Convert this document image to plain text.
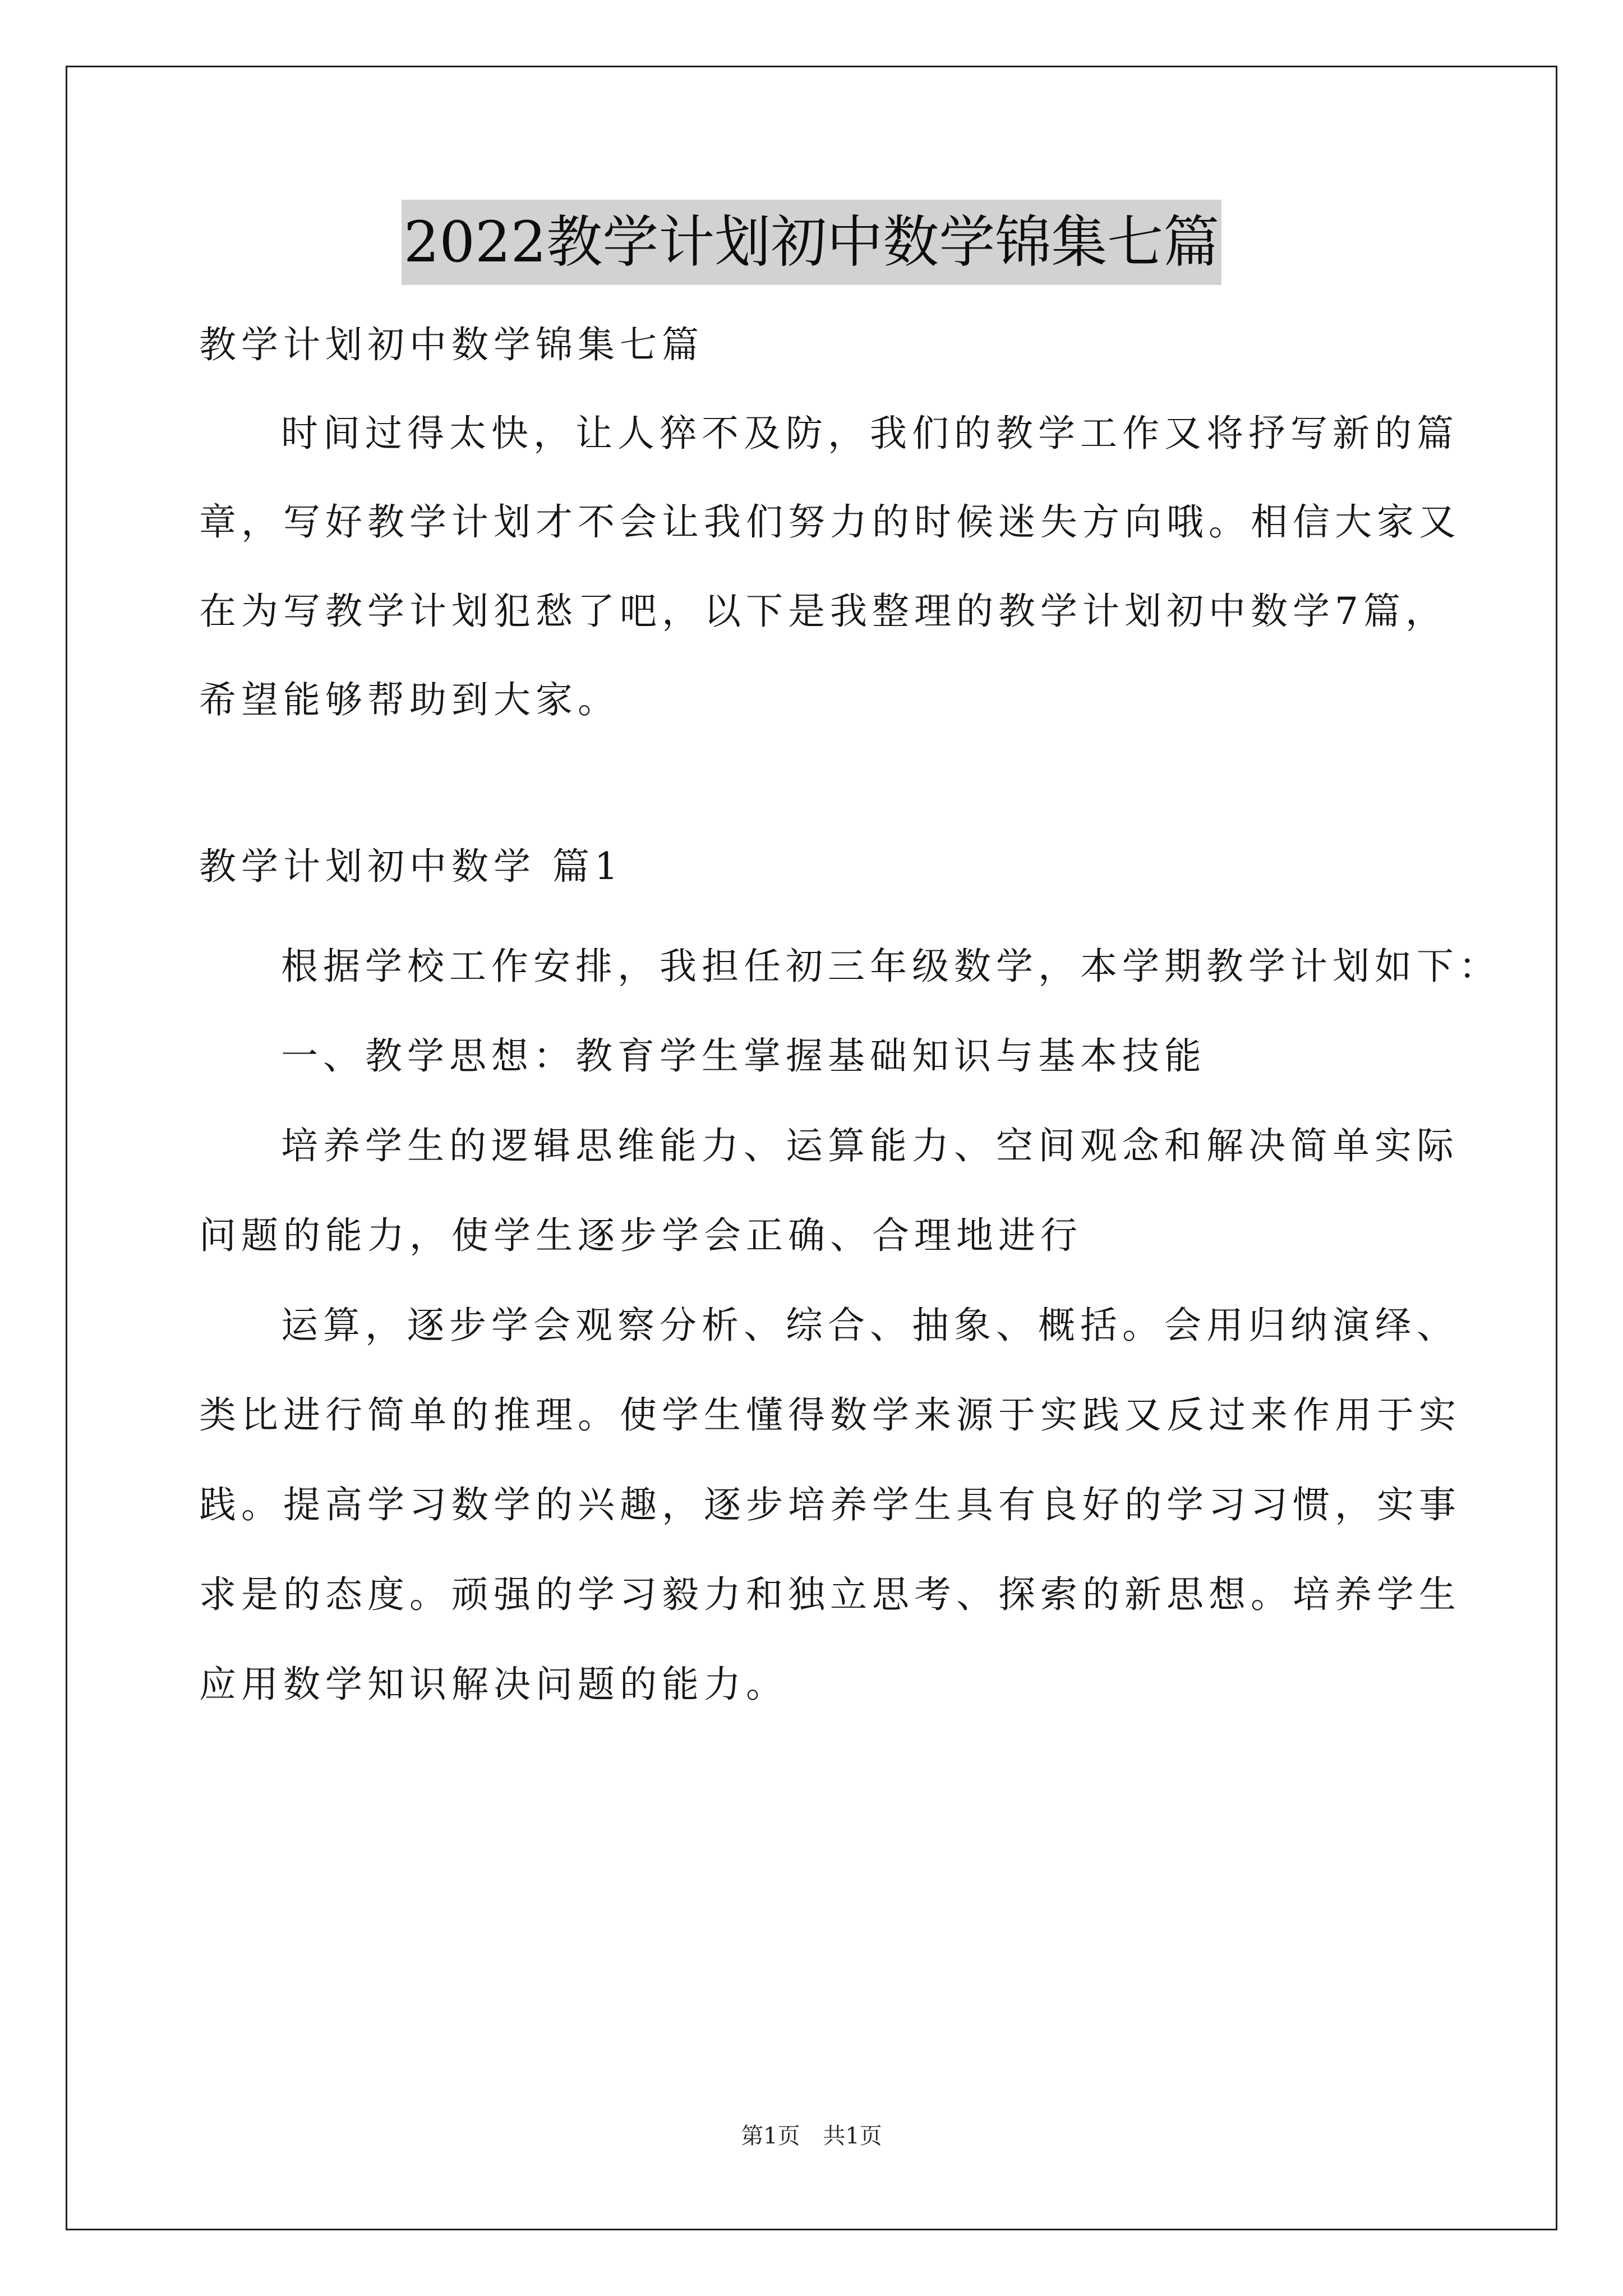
2022教学计划初中数学锦集七篇
教学计划初中数学锦集七篇
时间过得太快，让人猝不及防，我们的教学工作又将抒写新的篇
章，写好教学计划才不会让我们努力的时候迷失方向哦。相信大家又
在为写教学计划犯愁了吧，以下是我整理的教学计划初中数学7篇，
希望能够帮助到大家。
教学计划初中数学 篇1
根据学校工作安排，我担任初三年级数学，本学期教学计划如下：
一、教学思想：教育学生掌握基础知识与基本技能
培养学生的逻辑思维能力、运算能力、空间观念和解决简单实际
问题的能力，使学生逐步学会正确、合理地进行
运算，逐步学会观察分析、综合、抽象、概括。会用归纳演绎、
类比进行简单的推理。使学生懂得数学来源于实践又反过来作用于实
践。提高学习数学的兴趣，逐步培养学生具有良好的学习习惯，实事
求是的态度。顽强的学习毅力和独立思考、探索的新思想。培养学生
应用数学知识解决问题的能力。
第1页 共1页
